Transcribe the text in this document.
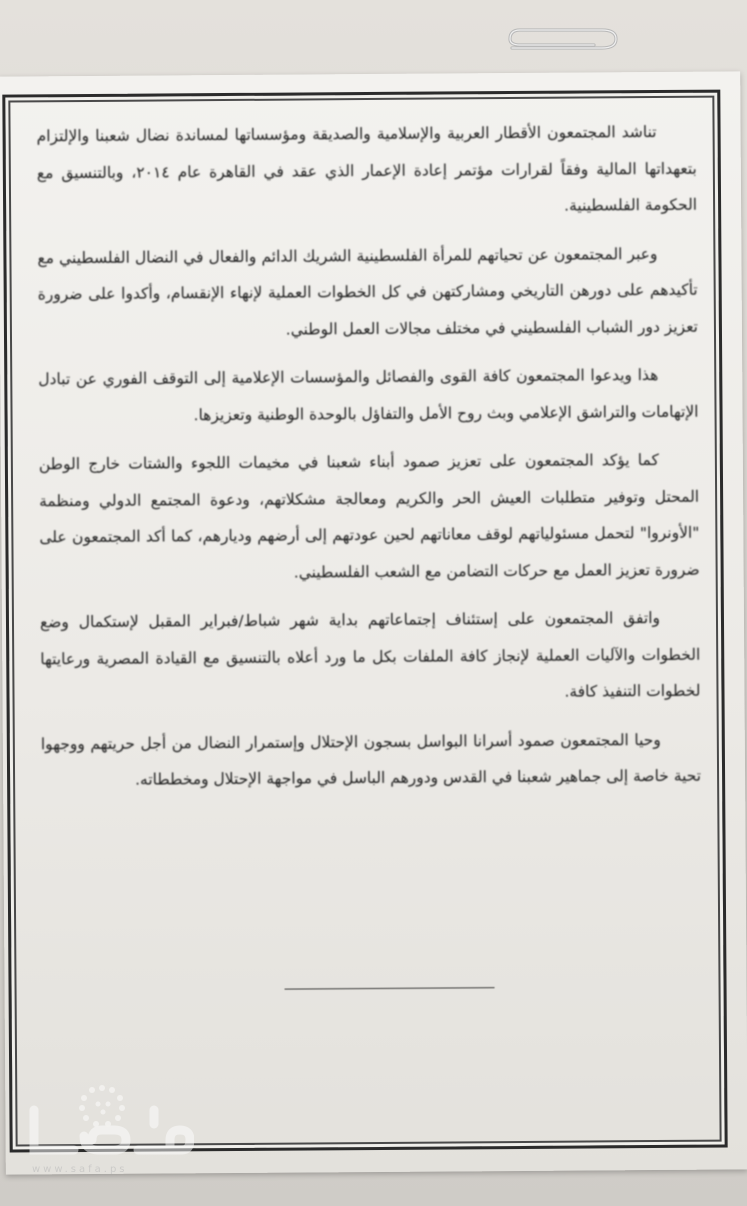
تناشد المجتمعون الأقطار العربية والإسلامية والصديقة ومؤسساتها لمساندة نضال شعبنا والإلتزام بتعهداتها المالية وفقاً لقرارات مؤتمر إعادة الإعمار الذي عقد في القاهرة عام ٢٠١٤، وبالتنسيق مع الحكومة الفلسطينية.

وعبر المجتمعون عن تحياتهم للمرأة الفلسطينية الشريك الدائم والفعال في النضال الفلسطيني مع تأكيدهم على دورهن التاريخي ومشاركتهن في كل الخطوات العملية لإنهاء الإنقسام، وأكدوا على ضرورة تعزيز دور الشباب الفلسطيني في مختلف مجالات العمل الوطني.

هذا ويدعوا المجتمعون كافة القوى والفصائل والمؤسسات الإعلامية إلى التوقف الفوري عن تبادل الإتهامات والتراشق الإعلامي وبث روح الأمل والتفاؤل بالوحدة الوطنية وتعزيزها.

كما يؤكد المجتمعون على تعزيز صمود أبناء شعبنا في مخيمات اللجوء والشتات خارج الوطن المحتل وتوفير متطلبات العيش الحر والكريم ومعالجة مشكلاتهم، ودعوة المجتمع الدولي ومنظمة "الأونروا" لتحمل مسئولياتهم لوقف معاناتهم لحين عودتهم إلى أرضهم وديارهم، كما أكد المجتمعون على ضرورة تعزيز العمل مع حركات التضامن مع الشعب الفلسطيني.

واتفق المجتمعون على إستئناف إجتماعاتهم بداية شهر شباط/فبراير المقبل لإستكمال وضع الخطوات والآليات العملية لإنجاز كافة الملفات بكل ما ورد أعلاه بالتنسيق مع القيادة المصرية ورعايتها لخطوات التنفيذ كافة.

وحيا المجتمعون صمود أسرانا البواسل بسجون الإحتلال وإستمرار النضال من أجل حريتهم ووجهوا تحية خاصة إلى جماهير شعبنا في القدس ودورهم الباسل في مواجهة الإحتلال ومخططاته.

www.safa.ps
